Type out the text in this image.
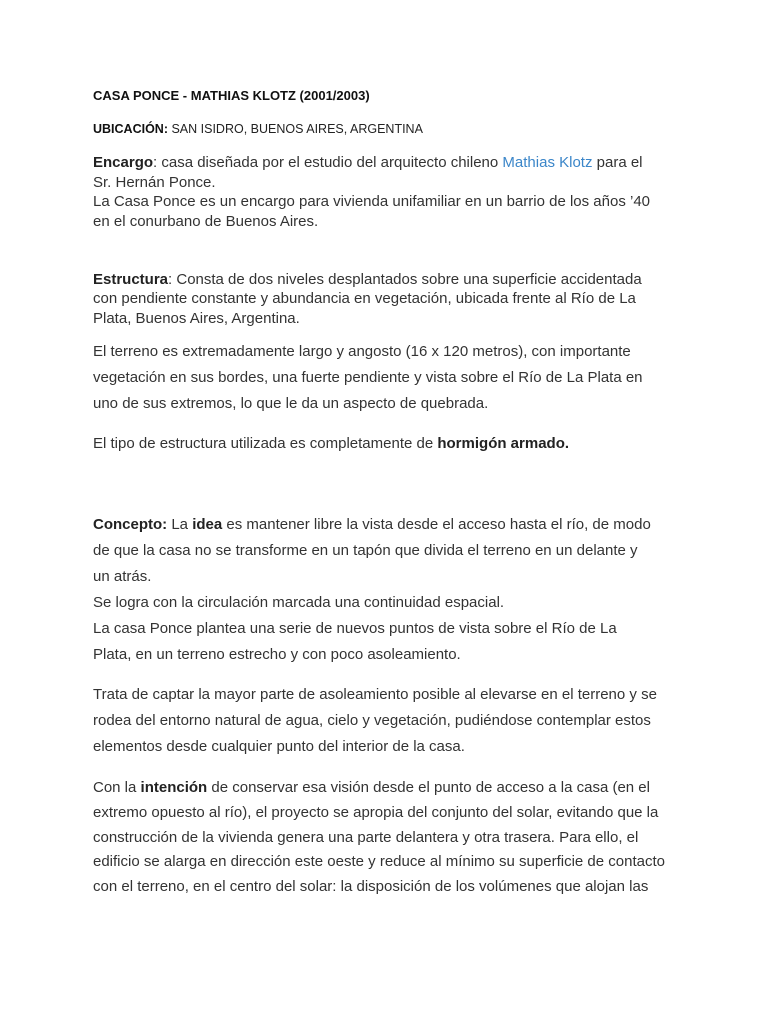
CASA PONCE - MATHIAS KLOTZ (2001/2003)

UBICACIÓN: SAN ISIDRO, BUENOS AIRES, ARGENTINA

Encargo: casa diseñada por el estudio del arquitecto chileno Mathias Klotz para el

Sr. Hernán Ponce.

La Casa Ponce es un encargo para vivienda unifamiliar en un barrio de los años ’40

en el conurbano de Buenos Aires.

Estructura: Consta de dos niveles desplantados sobre una superficie accidentada

con pendiente constante y abundancia en vegetación, ubicada frente al Río de La

Plata, Buenos Aires, Argentina.

El terreno es extremadamente largo y angosto (16 x 120 metros), con importante

vegetación en sus bordes, una fuerte pendiente y vista sobre el Río de La Plata en

uno de sus extremos, lo que le da un aspecto de quebrada.

El tipo de estructura utilizada es completamente de hormigón armado.

Concepto: La idea es mantener libre la vista desde el acceso hasta el río, de modo

de que la casa no se transforme en un tapón que divida el terreno en un delante y

un atrás.

Se logra con la circulación marcada una continuidad espacial.

La casa Ponce plantea una serie de nuevos puntos de vista sobre el Río de La

Plata, en un terreno estrecho y con poco asoleamiento.

Trata de captar la mayor parte de asoleamiento posible al elevarse en el terreno y se

rodea del entorno natural de agua, cielo y vegetación, pudiéndose contemplar estos

elementos desde cualquier punto del interior de la casa.

Con la intención de conservar esa visión desde el punto de acceso a la casa (en el

extremo opuesto al río), el proyecto se apropia del conjunto del solar, evitando que la

construcción de la vivienda genera una parte delantera y otra trasera. Para ello, el

edificio se alarga en dirección este oeste y reduce al mínimo su superficie de contacto

con el terreno, en el centro del solar: la disposición de los volúmenes que alojan las
